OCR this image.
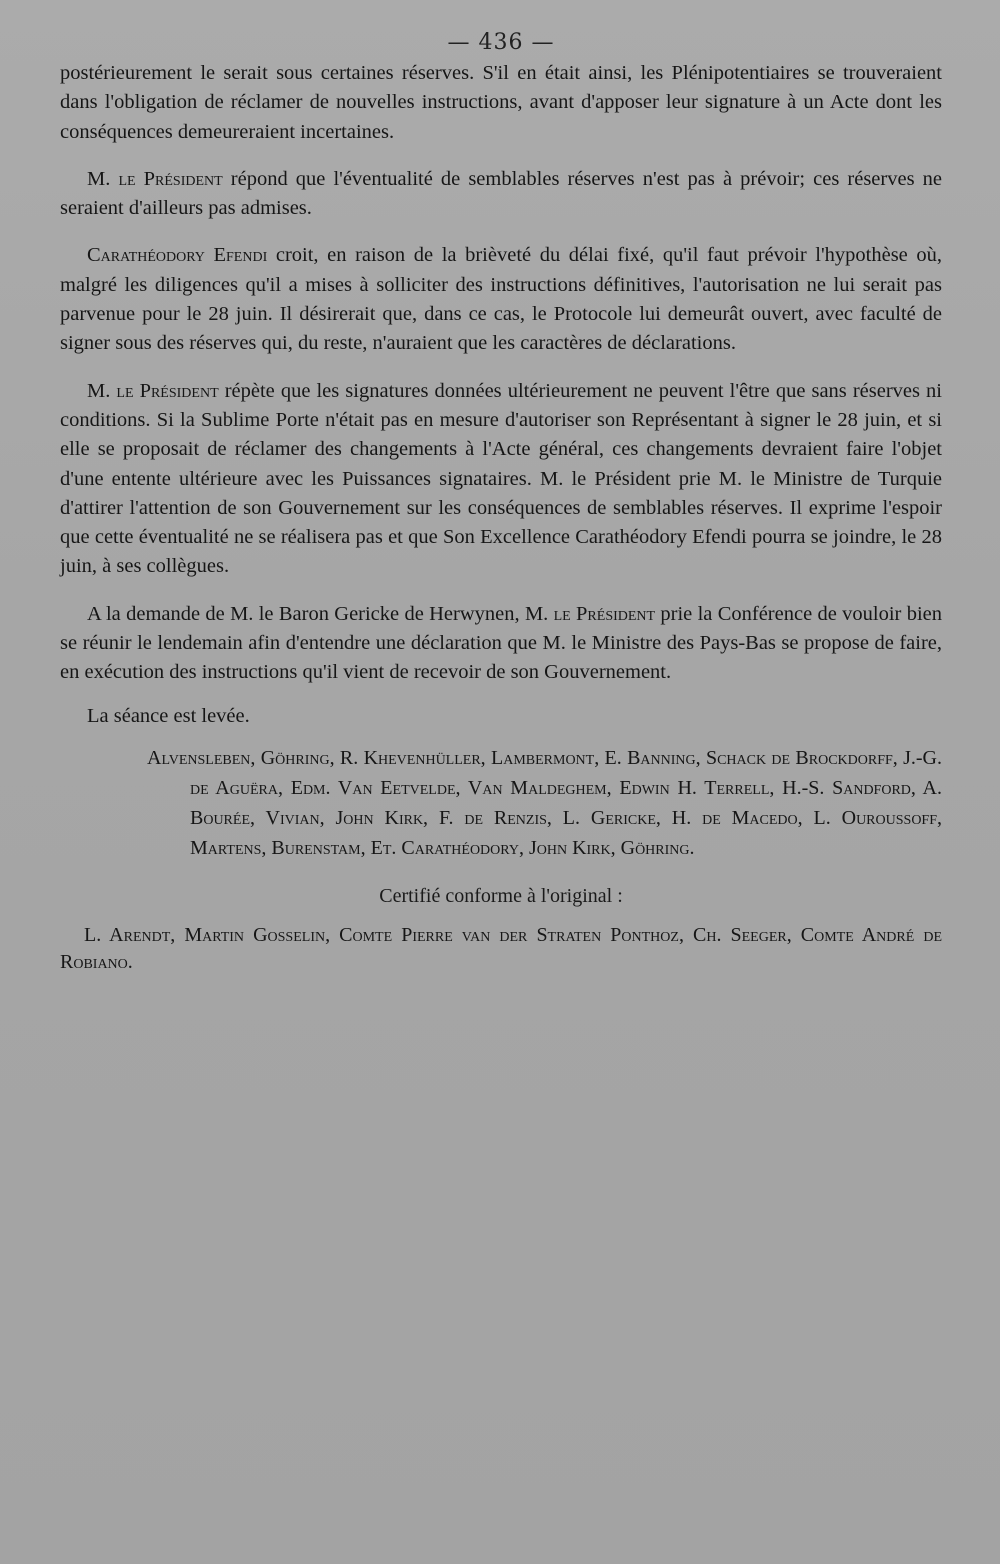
— 436 —

postérieurement le serait sous certaines réserves. S'il en était ainsi, les Plénipotentiaires se trouveraient dans l'obligation de réclamer de nouvelles instructions, avant d'apposer leur signature à un Acte dont les conséquences demeureraient incertaines.

M. le Président répond que l'éventualité de semblables réserves n'est pas à prévoir; ces réserves ne seraient d'ailleurs pas admises.

Carathéodory Efendi croit, en raison de la brièveté du délai fixé, qu'il faut prévoir l'hypothèse où, malgré les diligences qu'il a mises à solliciter des instructions définitives, l'autorisation ne lui serait pas parvenue pour le 28 juin. Il désirerait que, dans ce cas, le Protocole lui demeurât ouvert, avec faculté de signer sous des réserves qui, du reste, n'auraient que les caractères de déclarations.

M. le Président répète que les signatures données ultérieurement ne peuvent l'être que sans réserves ni conditions. Si la Sublime Porte n'était pas en mesure d'autoriser son Représentant à signer le 28 juin, et si elle se proposait de réclamer des changements à l'Acte général, ces changements devraient faire l'objet d'une entente ultérieure avec les Puissances signataires. M. le Président prie M. le Ministre de Turquie d'attirer l'attention de son Gouvernement sur les conséquences de semblables réserves. Il exprime l'espoir que cette éventualité ne se réalisera pas et que Son Excellence Carathéodory Efendi pourra se joindre, le 28 juin, à ses collègues.

A la demande de M. le Baron Gericke de Herwynen, M. le Président prie la Conférence de vouloir bien se réunir le lendemain afin d'entendre une déclaration que M. le Ministre des Pays-Bas se propose de faire, en exécution des instructions qu'il vient de recevoir de son Gouvernement.

La séance est levée.

Alvensleben, Göhring, R. Khevenhüller, Lambermont, E. Banning, Schack de Brockdorff, J.-G. de Aguëra, Edm. Van Eetvelde, Van Maldeghem, Edwin H. Terrell, H.-S. Sandford, A. Bourée, Vivian, John Kirk, F. de Renzis, L. Gericke, H. de Macedo, L. Ouroussoff, Martens, Burenstam, Et. Carathéodory, John Kirk, Göhring.

Certifié conforme à l'original :

L. Arendt, Martin Gosselin, Comte Pierre van der Straten Ponthoz, Ch. Seeger, Comte André de Robiano.
